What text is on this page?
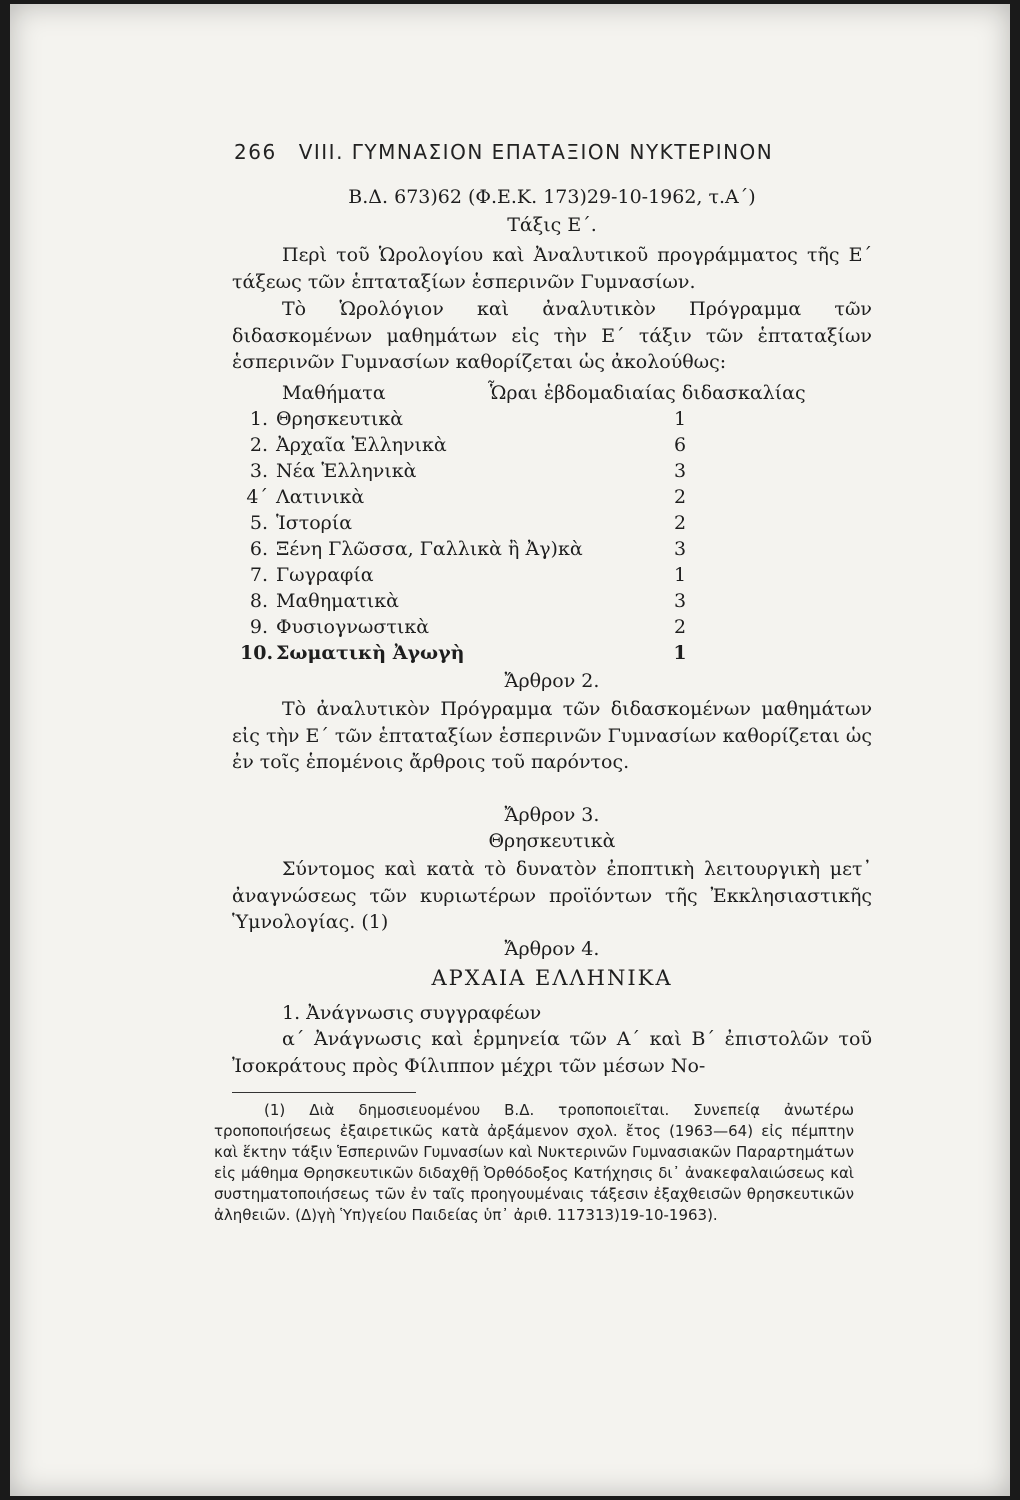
266 VIII. ΓΥΜΝΑΣΙΟΝ ΕΠΑΤΑΞΙΟΝ ΝΥΚΤΕΡΙΝΟΝ
Β.Δ. 673)62 (Φ.Ε.Κ. 173)29-10-1962, τ.Α΄)
Τάξις Ε΄.
Περὶ τοῦ Ὡρολογίου καὶ Ἀναλυτικοῦ προγράμματος τῆς Ε΄ τάξεως τῶν ἑπταταξίων ἑσπερινῶν Γυμνασίων.
Τὸ Ὡρολόγιον καὶ ἀναλυτικὸν Πρόγραμμα τῶν διδασκομένων μαθημάτων εἰς τὴν Ε΄ τάξιν τῶν ἑπταταξίων ἑσπερινῶν Γυμνασίων καθορίζεται ὡς ἀκολούθως:
Μαθήματα	Ὧραι ἑβδομαδιαίας διδασκαλίας
1. Θρησκευτικὰ	1
2. Ἀρχαῖα Ἑλληνικὰ	6
3. Νέα Ἑλληνικὰ	3
4΄ Λατινικὰ	2
5. Ἱστορία	2
6. Ξένη Γλῶσσα, Γαλλικὰ ἢ Ἀγ)κὰ	3
7. Γωγραφία	1
8. Μαθηματικὰ	3
9. Φυσιογνωστικὰ	2
10. Σωματικὴ Ἀγωγὴ	1
Ἄρθρον 2.
Τὸ ἀναλυτικὸν Πρόγραμμα τῶν διδασκομένων μαθημάτων εἰς τὴν Ε΄ τῶν ἑπταταξίων ἑσπερινῶν Γυμνασίων καθορίζεται ὡς ἐν τοῖς ἑπομένοις ἄρθροις τοῦ παρόντος.
Ἄρθρον 3.
Θρησκευτικὰ
Σύντομος καὶ κατὰ τὸ δυνατὸν ἐποπτικὴ λειτουργικὴ μετ᾽ ἀναγνώσεως τῶν κυριωτέρων προϊόντων τῆς Ἐκκλησιαστικῆς Ὑμνολογίας. (1)
Ἄρθρον 4.
ΑΡΧΑΙΑ ΕΛΛΗΝΙΚΑ
1. Ἀνάγνωσις συγγραφέων
α΄ Ἀνάγνωσις καὶ ἑρμηνεία τῶν Α΄ καὶ Β΄ ἐπιστολῶν τοῦ Ἰσοκράτους πρὸς Φίλιππον μέχρι τῶν μέσων Νο-
(1) Διὰ δημοσιευομένου Β.Δ. τροποποιεῖται. Συνεπείᾳ ἀνωτέρω τροποποιήσεως ἐξαιρετικῶς κατὰ ἀρξάμενον σχολ. ἔτος (1963—64) εἰς πέμπτην καὶ ἕκτην τάξιν Ἑσπερινῶν Γυμνασίων καὶ Νυκτερινῶν Γυμνασιακῶν Παραρτημάτων εἰς μάθημα Θρησκευτικῶν διδαχθῇ Ὀρθόδοξος Κατήχησις δι᾽ ἀνακεφαλαιώσεως καὶ συστηματοποιήσεως τῶν ἐν ταῖς προηγουμέναις τάξεσιν ἐξαχθεισῶν θρησκευτικῶν ἀληθειῶν. (Δ)γὴ Ὑπ)γείου Παιδείας ὑπ᾽ ἀριθ. 117313)19-10-1963).
